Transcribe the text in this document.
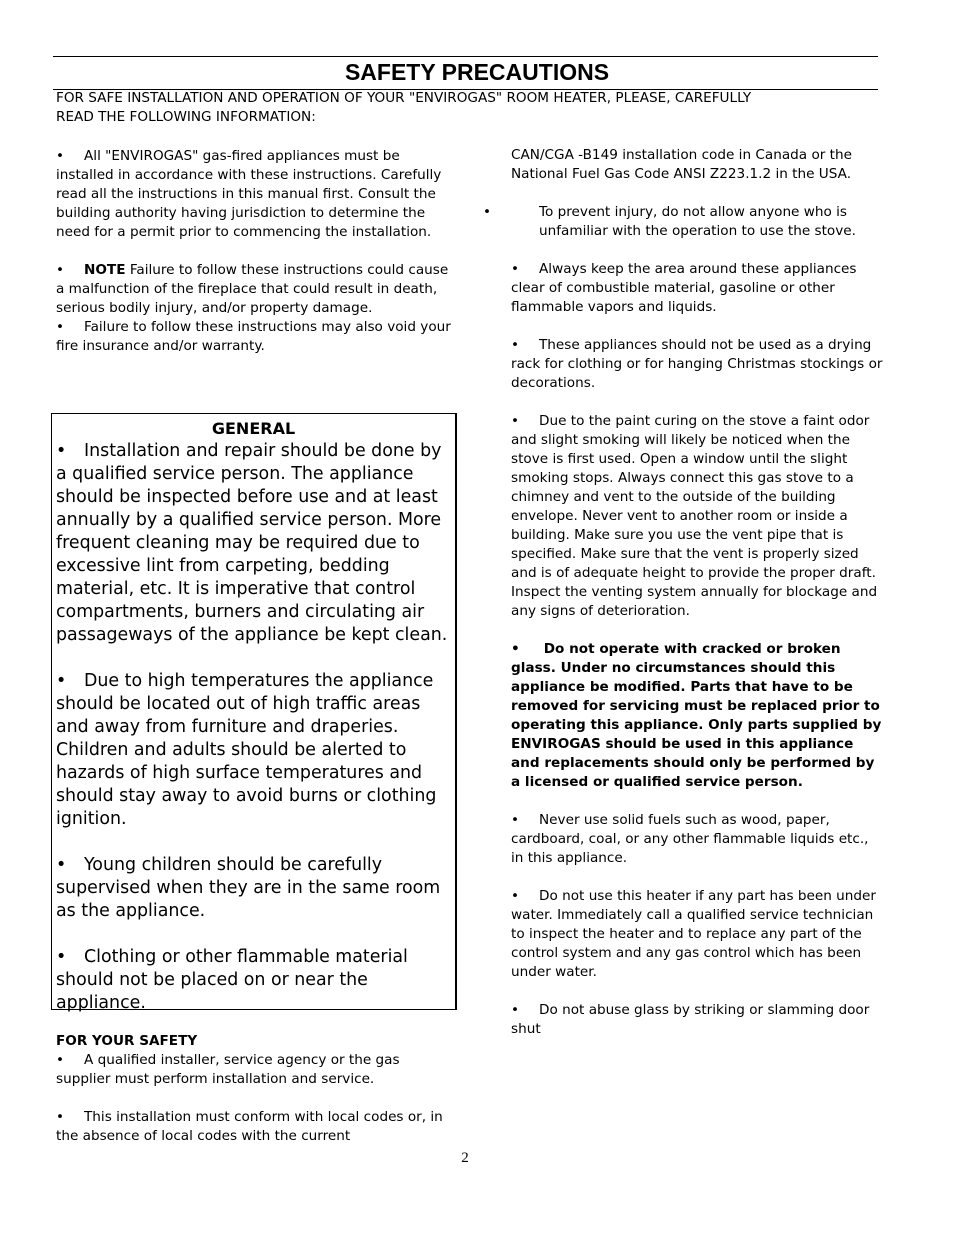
SAFETY PRECAUTIONS
FOR SAFE INSTALLATION AND OPERATION OF YOUR "ENVIROGAS" ROOM HEATER, PLEASE, CAREFULLY
READ THE FOLLOWING INFORMATION:
• All "ENVIROGAS" gas-fired appliances must be installed in accordance with these instructions. Carefully read all the instructions in this manual first. Consult the building authority having jurisdiction to determine the need for a permit prior to commencing the installation.
• NOTE Failure to follow these instructions could cause a malfunction of the fireplace that could result in death, serious bodily injury, and/or property damage.
• Failure to follow these instructions may also void your fire insurance and/or warranty.
GENERAL
• Installation and repair should be done by a qualified service person. The appliance should be inspected before use and at least annually by a qualified service person. More frequent cleaning may be required due to excessive lint from carpeting, bedding material, etc. It is imperative that control compartments, burners and circulating air passageways of the appliance be kept clean.
• Due to high temperatures the appliance should be located out of high traffic areas and away from furniture and draperies. Children and adults should be alerted to hazards of high surface temperatures and should stay away to avoid burns or clothing ignition.
• Young children should be carefully supervised when they are in the same room as the appliance.
• Clothing or other flammable material should not be placed on or near the appliance.
FOR YOUR SAFETY
• A qualified installer, service agency or the gas supplier must perform installation and service.
• This installation must conform with local codes or, in the absence of local codes with the current
CAN/CGA -B149 installation code in Canada or the National Fuel Gas Code ANSI Z223.1.2 in the USA.
•	To prevent injury, do not allow anyone who is unfamiliar with the operation to use the stove.
• Always keep the area around these appliances clear of combustible material, gasoline or other flammable vapors and liquids.
• These appliances should not be used as a drying rack for clothing or for hanging Christmas stockings or decorations.
• Due to the paint curing on the stove a faint odor and slight smoking will likely be noticed when the stove is first used. Open a window until the slight smoking stops. Always connect this gas stove to a chimney and vent to the outside of the building envelope. Never vent to another room or inside a building. Make sure you use the vent pipe that is specified. Make sure that the vent is properly sized and is of adequate height to provide the proper draft. Inspect the venting system annually for blockage and any signs of deterioration.
• Do not operate with cracked or broken glass. Under no circumstances should this appliance be modified. Parts that have to be removed for servicing must be replaced prior to operating this appliance. Only parts supplied by ENVIROGAS should be used in this appliance and replacements should only be performed by a licensed or qualified service person.
• Never use solid fuels such as wood, paper, cardboard, coal, or any other flammable liquids etc., in this appliance.
• Do not use this heater if any part has been under water. Immediately call a qualified service technician to inspect the heater and to replace any part of the control system and any gas control which has been under water.
• Do not abuse glass by striking or slamming door shut
2
